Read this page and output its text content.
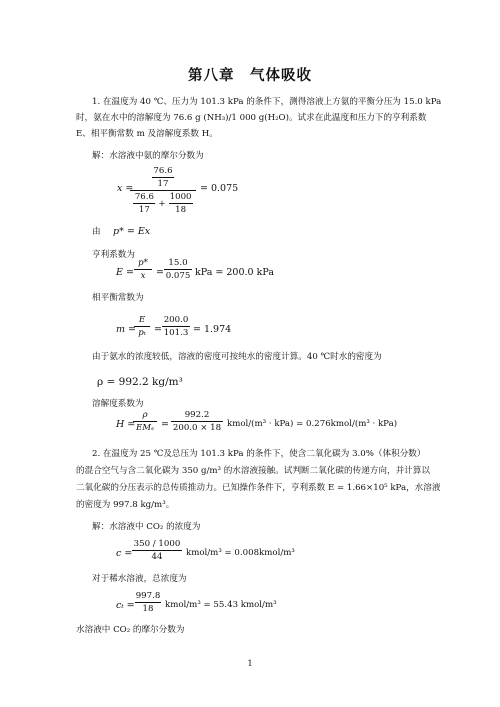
第八章　气体吸收
1. 在温度为 40 ℃、压力为 101.3 kPa 的条件下，测得溶液上方氨的平衡分压为 15.0 kPa
时，氨在水中的溶解度为 76.6 g (NH₃)/1 000 g(H₂O)。试求在此温度和压力下的亨利系数
E、相平衡常数 m 及溶解度系数 H。
解：水溶液中氨的摩尔分数为
$x = \frac{76.6}{17}$
$\frac{76.6}{17} + \frac{1000}{18}$
= 0.075
由 p* = Ex
亨利系数为
E =
p*
x =
15.0
0.075 kPa = 200.0 kPa
相平衡常数为
m =
E
pₜ =
200.0
101.3 = 1.974
由于氨水的浓度较低，溶液的密度可按纯水的密度计算。40 ℃时水的密度为
ρ = 992.2 kg/m³
溶解度系数为
H =
ρ
EMₛ =
992.2
200.0 × 18 kmol/(m³ · kPa) = 0.276kmol/(m³ · kPa)
2. 在温度为 25 ℃及总压为 101.3 kPa 的条件下，使含二氧化碳为 3.0%（体积分数）
的混合空气与含二氧化碳为 350 g/m³ 的水溶液接触。试判断二氧化碳的传递方向，并计算以
二氧化碳的分压表示的总传质推动力。已知操作条件下，亨利系数 E = 1.66×10⁵ kPa，水溶液
的密度为 997.8 kg/m³。
解：水溶液中 CO₂ 的浓度为
c =
350 / 1000
44	kmol/m³ = 0.008kmol/m³
对于稀水溶液，总浓度为
cₜ =
997.8
18 kmol/m³ = 55.43 kmol/m³
水溶液中 CO₂ 的摩尔分数为
1
